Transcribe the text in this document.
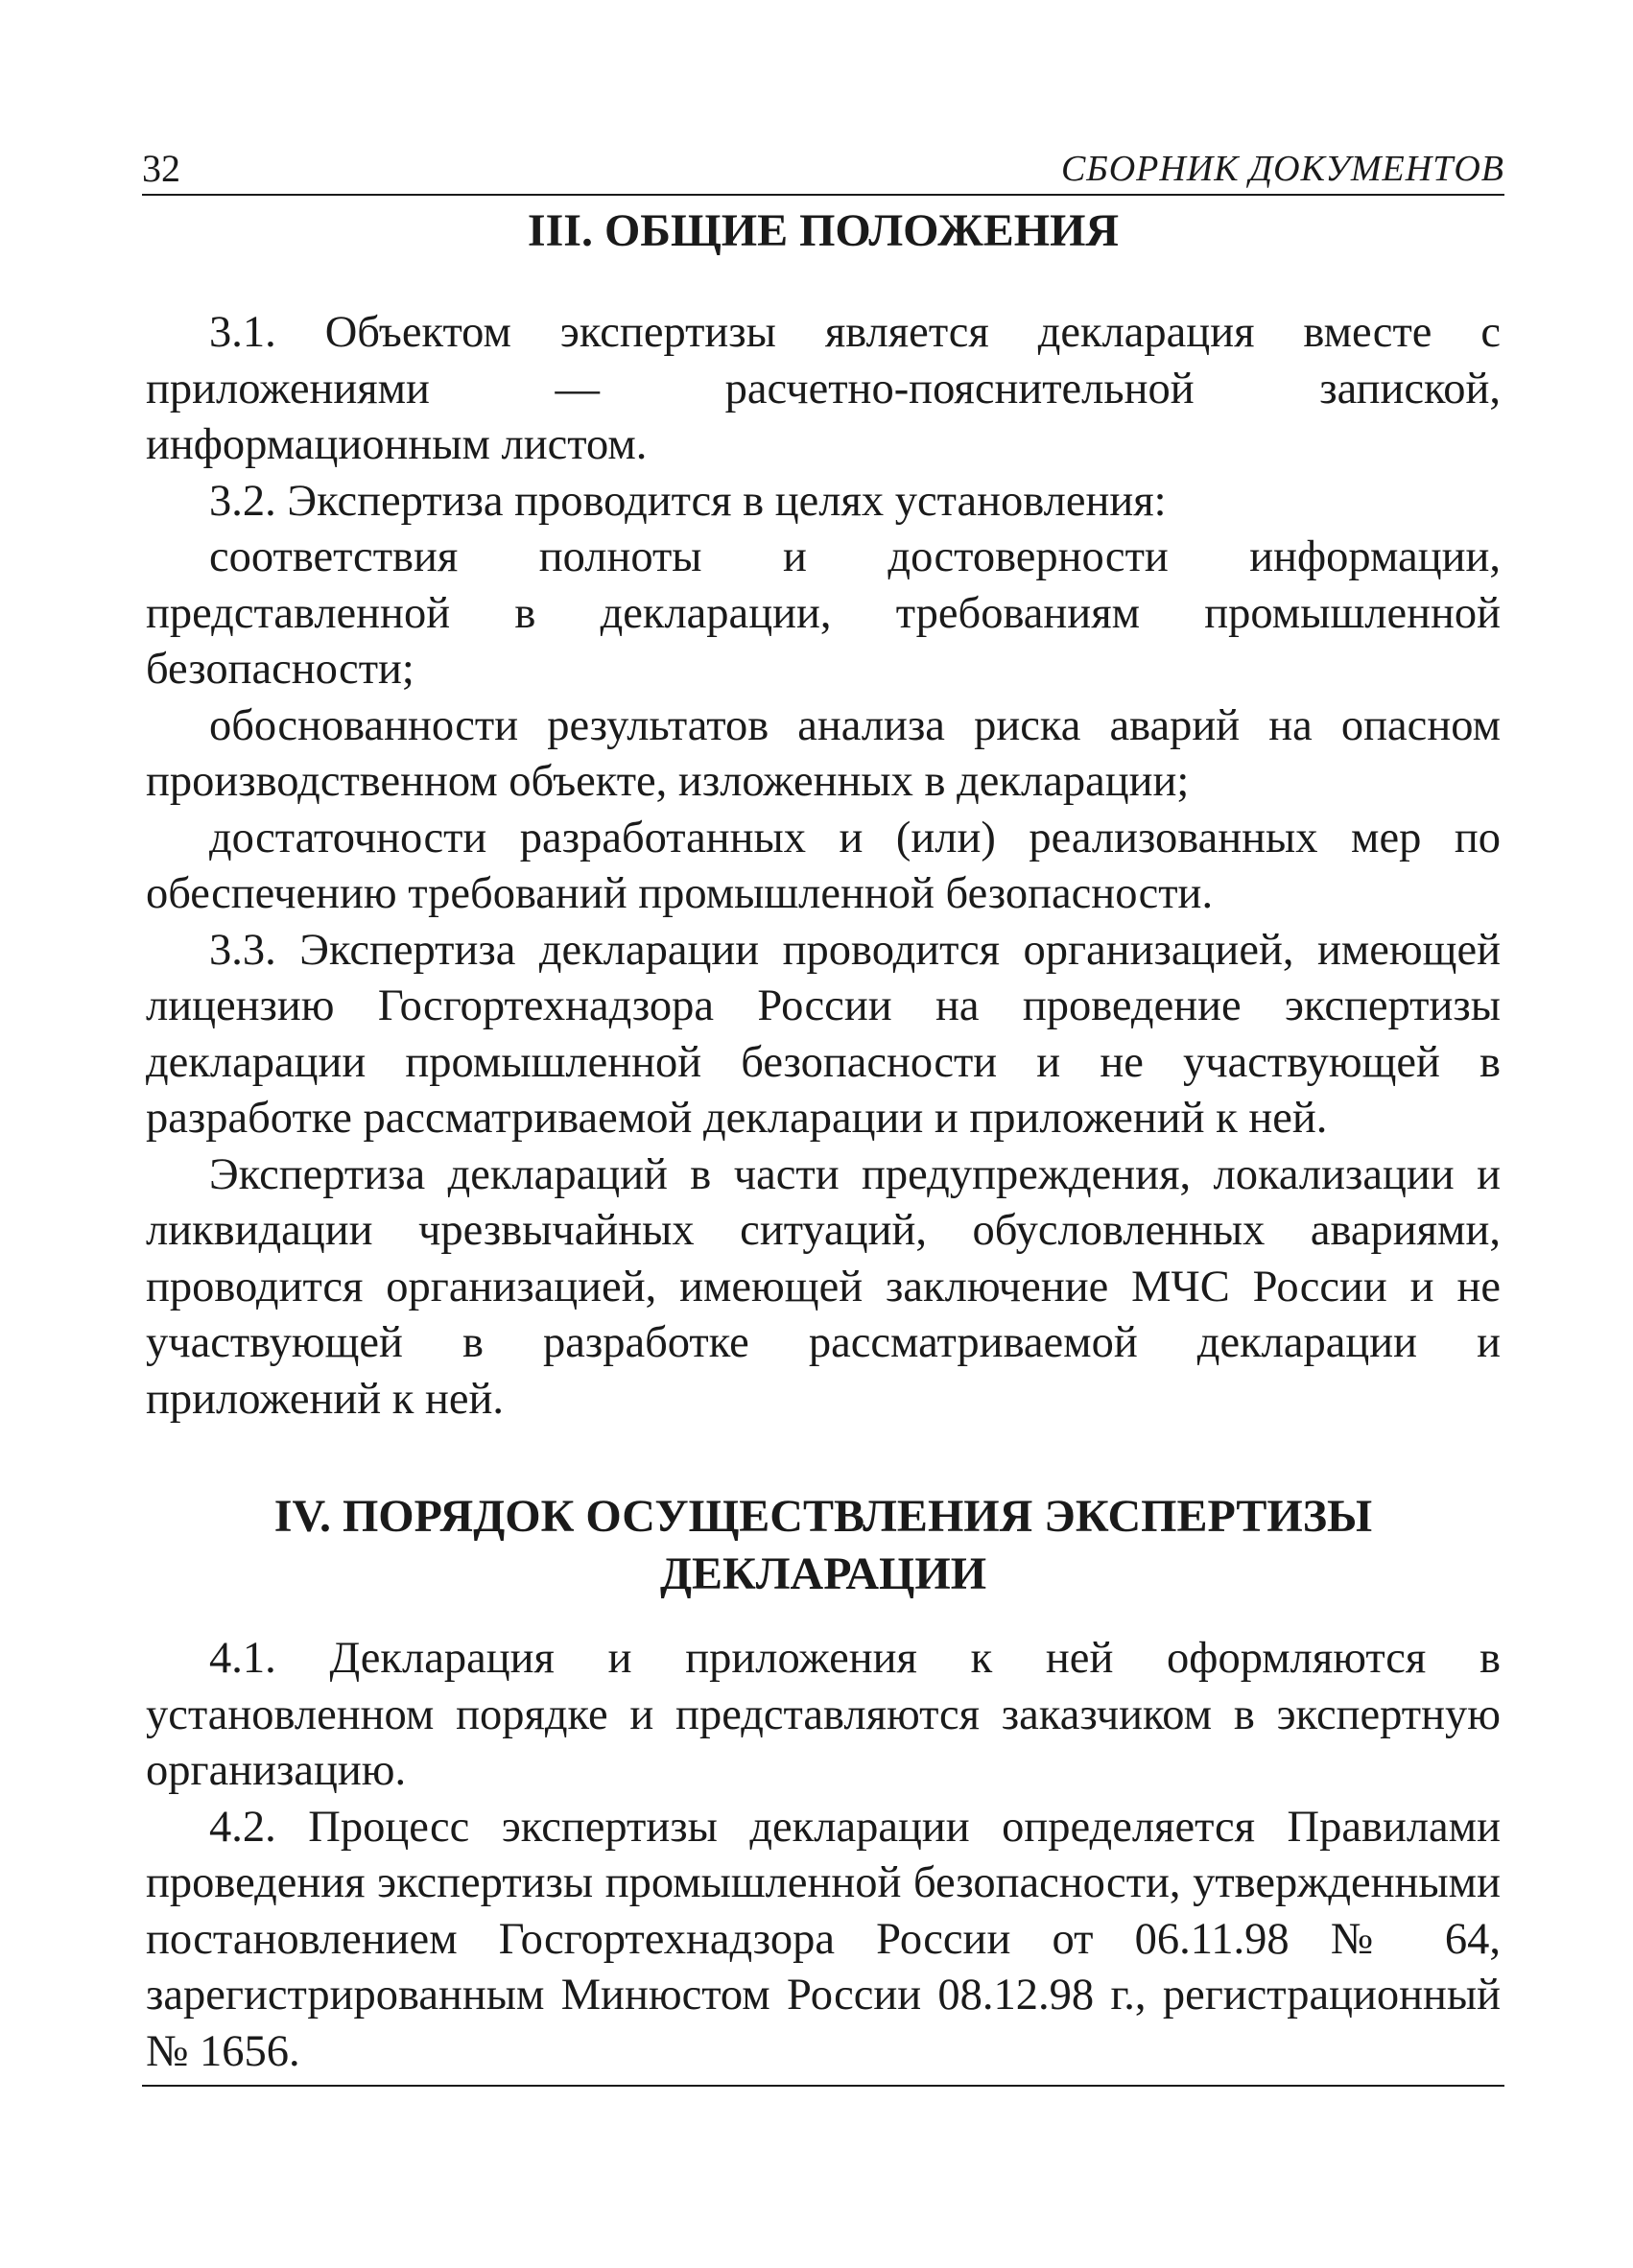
32	СБОРНИК ДОКУМЕНТОВ
III. ОБЩИЕ ПОЛОЖЕНИЯ

3.1. Объектом экспертизы является декларация вместе с приложениями — расчетно-пояснительной запиской, информационным листом.

3.2. Экспертиза проводится в целях установления:

соответствия полноты и достоверности информации, представленной в декларации, требованиям промышленной безопасности;

обоснованности результатов анализа риска аварий на опасном производственном объекте, изложенных в декларации;

достаточности разработанных и (или) реализованных мер по обеспечению требований промышленной безопасности.

3.3. Экспертиза декларации проводится организацией, имеющей лицензию Госгортехнадзора России на проведение экспертизы декларации промышленной безопасности и не участвующей в разработке рассматриваемой декларации и приложений к ней.

Экспертиза деклараций в части предупреждения, локализации и ликвидации чрезвычайных ситуаций, обусловленных авариями, проводится организацией, имеющей заключение МЧС России и не участвующей в разработке рассматриваемой декларации и приложений к ней.

IV. ПОРЯДОК ОСУЩЕСТВЛЕНИЯ ЭКСПЕРТИЗЫ
ДЕКЛАРАЦИИ

4.1. Декларация и приложения к ней оформляются в установленном порядке и представляются заказчиком в экспертную организацию.

4.2. Процесс экспертизы декларации определяется Правилами проведения экспертизы промышленной безопасности, утвержденными постановлением Госгортехнадзора России от 06.11.98 № 64, зарегистрированным Минюстом России 08.12.98 г., регистрационный № 1656.
